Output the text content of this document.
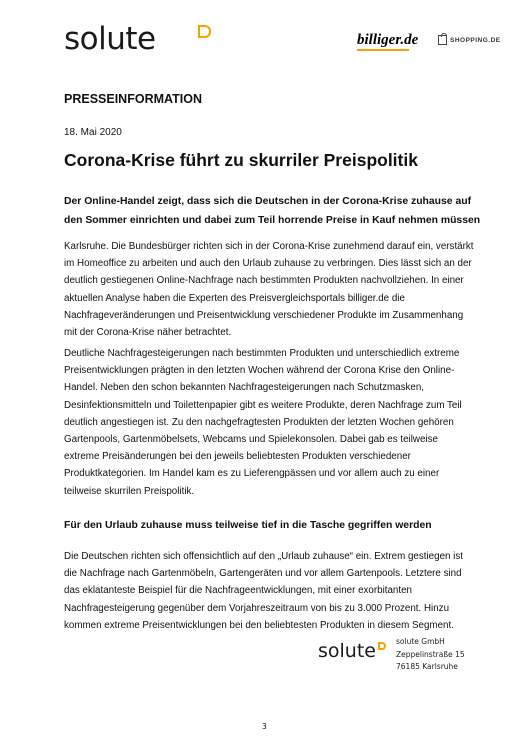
solute	billiger.de	SHOPPING.DE
PRESSEINFORMATION
18. Mai 2020
Corona-Krise führt zu skurriler Preispolitik
Der Online-Handel zeigt, dass sich die Deutschen in der Corona-Krise zuhause auf den Sommer einrichten und dabei zum Teil horrende Preise in Kauf nehmen müssen
Karlsruhe. Die Bundesbürger richten sich in der Corona-Krise zunehmend darauf ein, verstärkt im Homeoffice zu arbeiten und auch den Urlaub zuhause zu verbringen. Dies lässt sich an der deutlich gestiegenen Online-Nachfrage nach bestimmten Produkten nachvollziehen. In einer aktuellen Analyse haben die Experten des Preisvergleichsportals billiger.de die Nachfrageveränderungen und Preisentwicklung verschiedener Produkte im Zusammenhang mit der Corona-Krise näher betrachtet.
Deutliche Nachfragesteigerungen nach bestimmten Produkten und unterschiedlich extreme Preisentwicklungen prägten in den letzten Wochen während der Corona Krise den Online-Handel. Neben den schon bekannten Nachfragesteigerungen nach Schutzmasken, Desinfektionsmitteln und Toilettenpapier gibt es weitere Produkte, deren Nachfrage zum Teil deutlich angestiegen ist. Zu den nachgefragtesten Produkten der letzten Wochen gehören Gartenpools, Gartenmöbelsets, Webcams und Spielekonsolen. Dabei gab es teilweise extreme Preisänderungen bei den jeweils beliebtesten Produkten verschiedener Produktkategorien. Im Handel kam es zu Lieferengpässen und vor allem auch zu einer teilweise skurrilen Preispolitik.
Für den Urlaub zuhause muss teilweise tief in die Tasche gegriffen werden
Die Deutschen richten sich offensichtlich auf den „Urlaub zuhause“ ein. Extrem gestiegen ist die Nachfrage nach Gartenmöbeln, Gartengeräten und vor allem Gartenpools. Letztere sind das eklatanteste Beispiel für die Nachfrageentwicklungen, mit einer exorbitanten Nachfragesteigerung gegenüber dem Vorjahreszeitraum von bis zu 3.000 Prozent. Hinzu kommen extreme Preisentwicklungen bei den beliebtesten Produkten in diesem Segment.
solute	solute GmbH
Zeppelinstraße 15
76185 Karlsruhe
3
